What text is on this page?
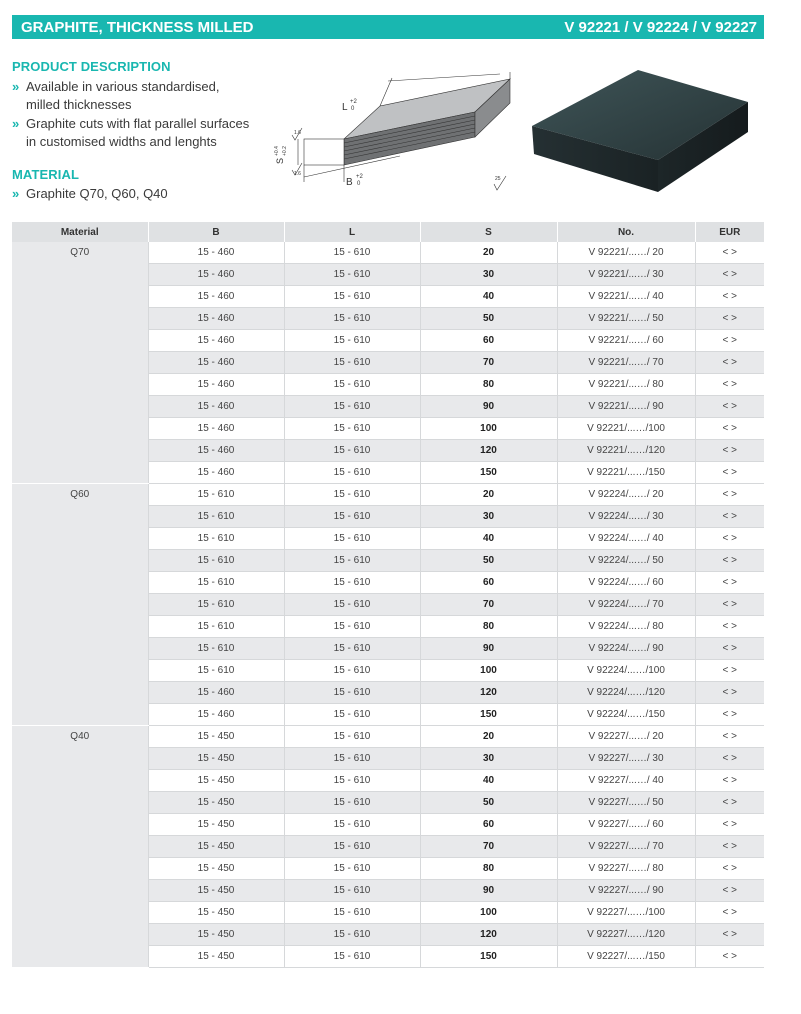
GRAPHITE, THICKNESS MILLED	V 92221 / V 92224 / V 92227
PRODUCT DESCRIPTION
» Available in various standardised,
milled thicknesses
» Graphite cuts with flat parallel surfaces
in customised widths and lenghts
MATERIAL
» Graphite Q70, Q60, Q40
L +2
0
B +2
0
S
+0.4 +0.2
1.6
1.6
25
Material	B	L	S	No.	EUR
Q70	15 - 460	15 - 610	20	V 92221/...…/ 20	< >
	15 - 460	15 - 610	30	V 92221/...…/ 30	< >
	15 - 460	15 - 610	40	V 92221/...…/ 40	< >
	15 - 460	15 - 610	50	V 92221/...…/ 50	< >
	15 - 460	15 - 610	60	V 92221/...…/ 60	< >
	15 - 460	15 - 610	70	V 92221/...…/ 70	< >
	15 - 460	15 - 610	80	V 92221/...…/ 80	< >
	15 - 460	15 - 610	90	V 92221/...…/ 90	< >
	15 - 460	15 - 610	100	V 92221/...…/100	< >
	15 - 460	15 - 610	120	V 92221/...…/120	< >
	15 - 460	15 - 610	150	V 92221/...…/150	< >
Q60	15 - 610	15 - 610	20	V 92224/...…/ 20	< >
	15 - 610	15 - 610	30	V 92224/...…/ 30	< >
	15 - 610	15 - 610	40	V 92224/...…/ 40	< >
	15 - 610	15 - 610	50	V 92224/...…/ 50	< >
	15 - 610	15 - 610	60	V 92224/...…/ 60	< >
	15 - 610	15 - 610	70	V 92224/...…/ 70	< >
	15 - 610	15 - 610	80	V 92224/...…/ 80	< >
	15 - 610	15 - 610	90	V 92224/...…/ 90	< >
	15 - 610	15 - 610	100	V 92224/...…/100	< >
	15 - 460	15 - 610	120	V 92224/...…/120	< >
	15 - 460	15 - 610	150	V 92224/...…/150	< >
Q40	15 - 450	15 - 610	20	V 92227/...…/ 20	< >
	15 - 450	15 - 610	30	V 92227/...…/ 30	< >
	15 - 450	15 - 610	40	V 92227/...…/ 40	< >
	15 - 450	15 - 610	50	V 92227/...…/ 50	< >
	15 - 450	15 - 610	60	V 92227/...…/ 60	< >
	15 - 450	15 - 610	70	V 92227/...…/ 70	< >
	15 - 450	15 - 610	80	V 92227/...…/ 80	< >
	15 - 450	15 - 610	90	V 92227/...…/ 90	< >
	15 - 450	15 - 610	100	V 92227/...…/100	< >
	15 - 450	15 - 610	120	V 92227/...…/120	< >
	15 - 450	15 - 610	150	V 92227/...…/150	< >
